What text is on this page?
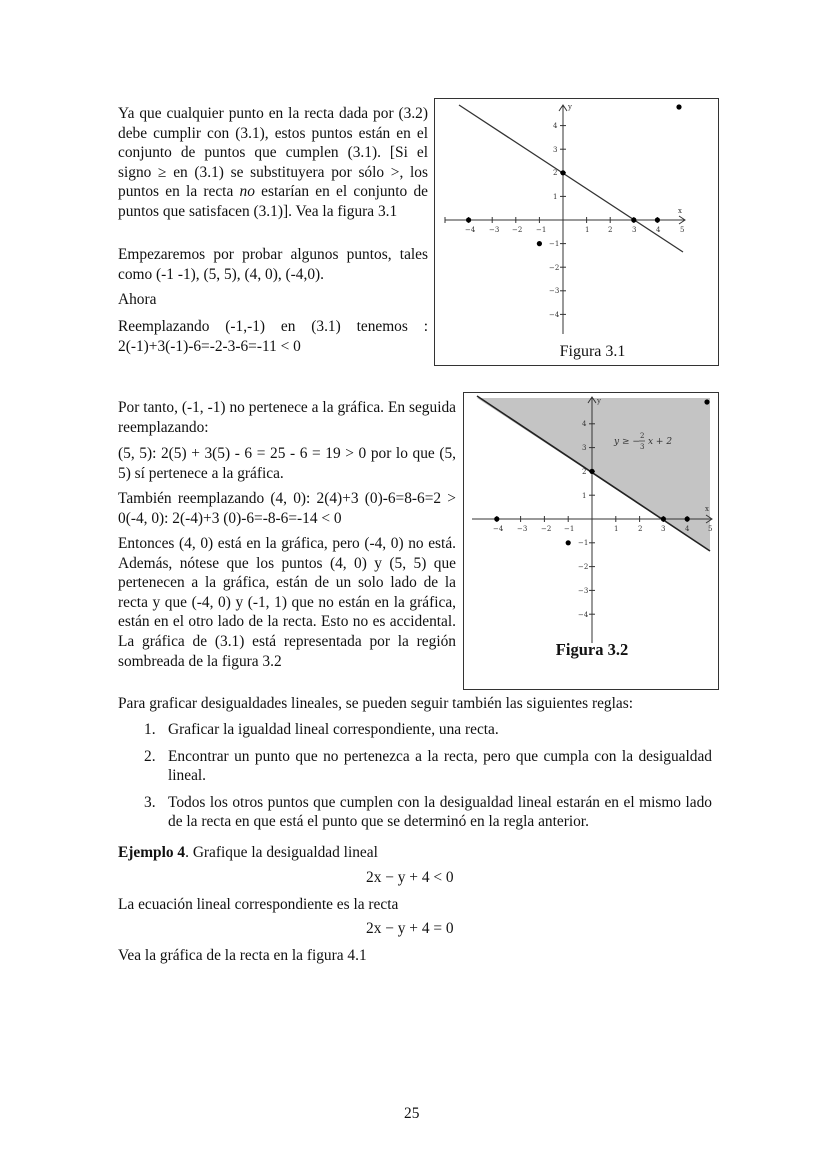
Ya que cualquier punto en la recta dada por (3.2) debe cumplir con (3.1), estos puntos están en el conjunto de puntos que cumplen (3.1). [Si el signo ≥ en (3.1) se substituyera por sólo >, los puntos en la recta no estarían en el conjunto de puntos que satisfacen (3.1)]. Vea la figura 3.1

Empezaremos por probar algunos puntos, tales como (-1 -1), (5, 5), (4, 0), (-4,0).

Ahora

Reemplazando (-1,-1) en (3.1) tenemos : 2(-1)+3(-1)-6=-2-3-6=-11 < 0

−4 −3 −2 −1	1	2	3	4	5
x
y
1
2
3
4
−1
−2
−3
−4
Figura 3.1

Por tanto, (-1, -1) no pertenece a la gráfica. En seguida reemplazando:

(5, 5): 2(5) + 3(5) - 6 = 25 - 6 = 19 > 0 por lo que (5, 5) sí pertenece a la gráfica.

También reemplazando (4, 0): 2(4)+3 (0)-6=8-6=2 > 0(-4, 0): 2(-4)+3 (0)-6=-8-6=-14 < 0

Entonces (4, 0) está en la gráfica, pero (-4, 0) no está. Además, nótese que los puntos (4, 0) y (5, 5) que pertenecen a la gráfica, están de un solo lado de la recta y que (-4, 0) y (-1, 1) que no están en la gráfica, están en el otro lado de la recta. Esto no es accidental. La gráfica de (3.1) está representada por la región sombreada de la figura 3.2

−4 −3 −2 −1	1	2	3	4	5
x
y
1
2
3
4
−1
−2
−3
−4
y ≥ −
2
3 x + 2
Figura 3.2

Para graficar desigualdades lineales, se pueden seguir también las siguientes reglas:

1. Graficar la igualdad lineal correspondiente, una recta.
2. Encontrar un punto que no pertenezca a la recta, pero que cumpla con la desigualdad lineal.
3. Todos los otros puntos que cumplen con la desigualdad lineal estarán en el mismo lado de la recta en que está el punto que se determinó en la regla anterior.

Ejemplo 4. Grafique la desigualdad lineal

2x − y + 4 < 0

La ecuación lineal correspondiente es la recta

2x − y + 4 = 0

Vea la gráfica de la recta en la figura 4.1

25
